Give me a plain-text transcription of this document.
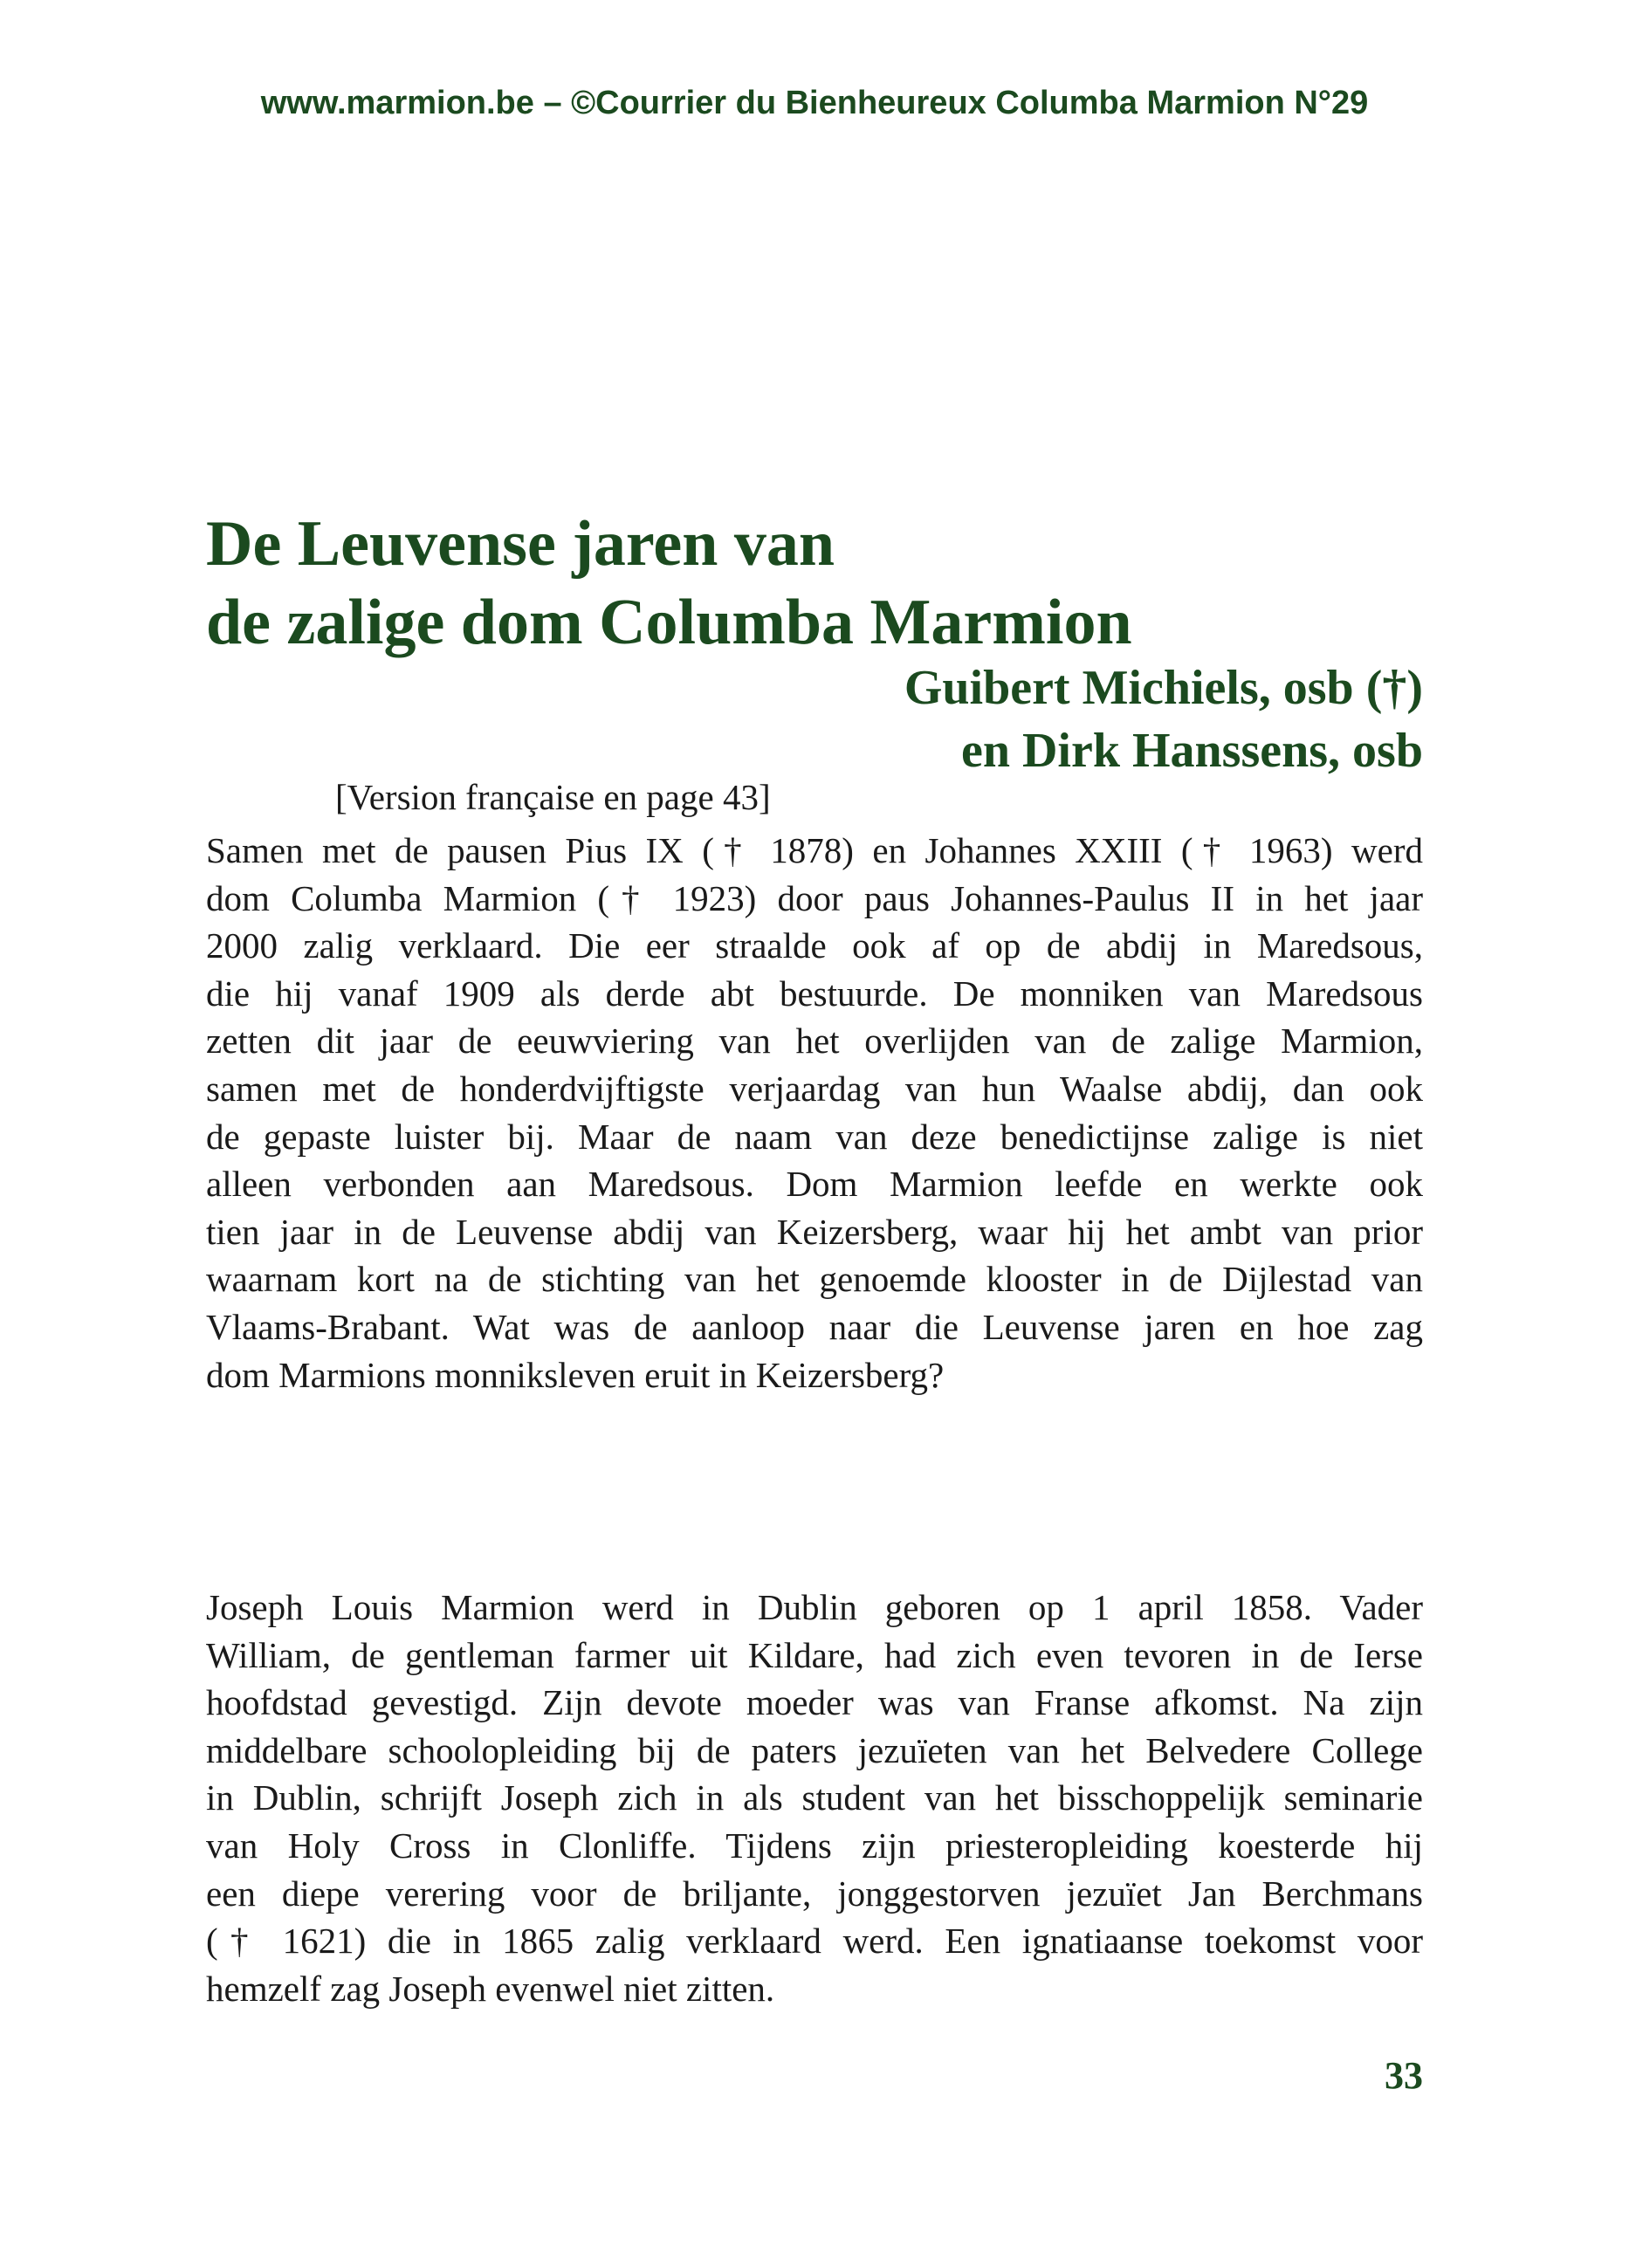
www.marmion.be – ©Courrier du Bienheureux Columba Marmion N°29
De Leuvense jaren van
de zalige dom Columba Marmion
Guibert Michiels, osb (†)
en Dirk Hanssens, osb
[Version française en page 43]
Samen met de pausen Pius IX († 1878) en Johannes XXIII († 1963) werd
dom Columba Marmion († 1923) door paus Johannes-Paulus II in het jaar
2000 zalig verklaard. Die eer straalde ook af op de abdij in Maredsous,
die hij vanaf 1909 als derde abt bestuurde. De monniken van Maredsous
zetten dit jaar de eeuwviering van het overlijden van de zalige Marmion,
samen met de honderdvijftigste verjaardag van hun Waalse abdij, dan ook
de gepaste luister bij. Maar de naam van deze benedictijnse zalige is niet
alleen verbonden aan Maredsous. Dom Marmion leefde en werkte ook
tien jaar in de Leuvense abdij van Keizersberg, waar hij het ambt van prior
waarnam kort na de stichting van het genoemde klooster in de Dijlestad van
Vlaams-Brabant. Wat was de aanloop naar die Leuvense jaren en hoe zag
dom Marmions monniksleven eruit in Keizersberg?
Joseph Louis Marmion werd in Dublin geboren op 1 april 1858. Vader
William, de gentleman farmer uit Kildare, had zich even tevoren in de Ierse
hoofdstad gevestigd. Zijn devote moeder was van Franse afkomst. Na zijn
middelbare schoolopleiding bij de paters jezuïeten van het Belvedere College
in Dublin, schrijft Joseph zich in als student van het bisschoppelijk seminarie
van Holy Cross in Clonliffe. Tijdens zijn priesteropleiding koesterde hij
een diepe verering voor de briljante, jonggestorven jezuïet Jan Berchmans
(† 1621) die in 1865 zalig verklaard werd. Een ignatiaanse toekomst voor
hemzelf zag Joseph evenwel niet zitten.
33
